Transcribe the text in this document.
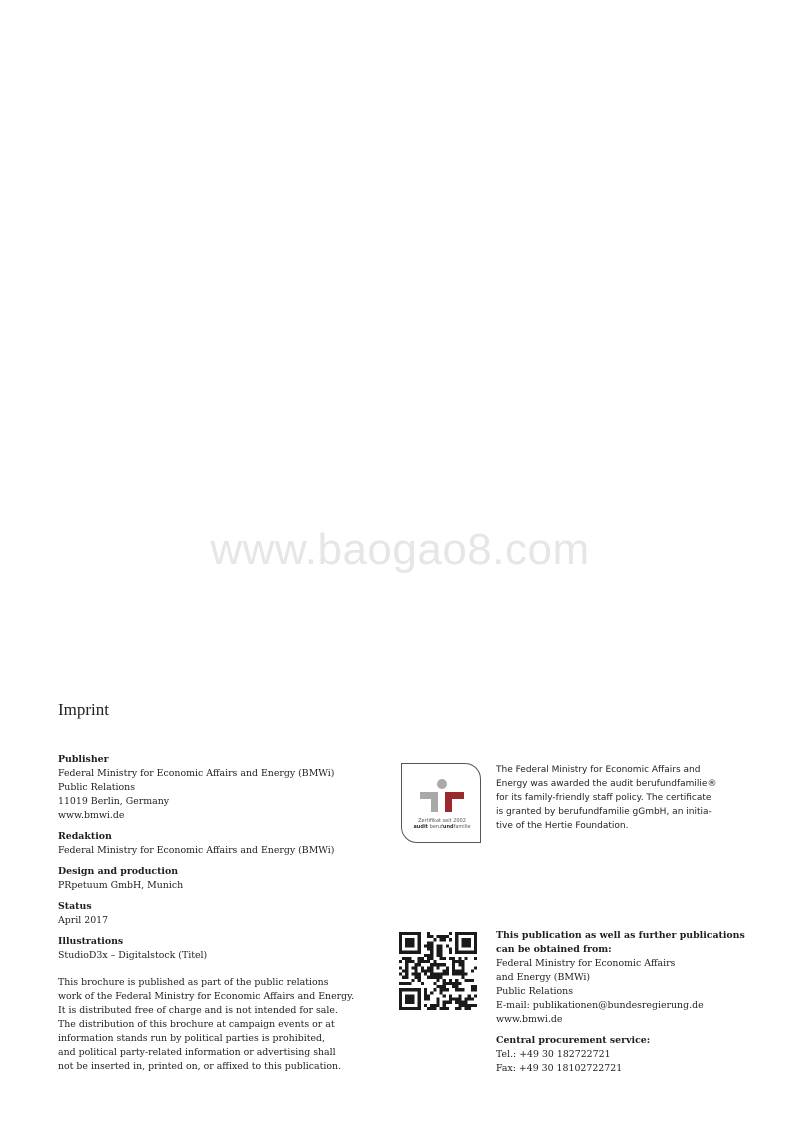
www.baogao8.com
Imprint
Publisher
Federal Ministry for Economic Affairs and Energy (BMWi)
Public Relations
11019 Berlin, Germany
www.bmwi.de
Redaktion
Federal Ministry for Economic Affairs and Energy (BMWi)
Design and production
PRpetuum GmbH, Munich
Status
April 2017
Illustrations
StudioD3x – Digitalstock (Titel)
This brochure is published as part of the public relations
work of the Federal Ministry for Economic Affairs and Energy.
It is distributed free of charge and is not intended for sale.
The distribution of this brochure at campaign events or at
information stands run by political parties is prohibited,
and political party-related information or advertising shall
not be inserted in, printed on, or affixed to this publication.
Zertifikat seit 2002
audit berufundfamilie
The Federal Ministry for Economic Affairs and
Energy was awarded the audit berufundfamilie®
for its family-friendly staff policy. The certificate
is granted by berufundfamilie gGmbH, an initia-
tive of the Hertie Foundation.
This publication as well as further publications
can be obtained from:
Federal Ministry for Economic Affairs
and Energy (BMWi)
Public Relations
E-mail: publikationen@bundesregierung.de
www.bmwi.de
Central procurement service:
Tel.: +49 30 182722721
Fax: +49 30 18102722721
